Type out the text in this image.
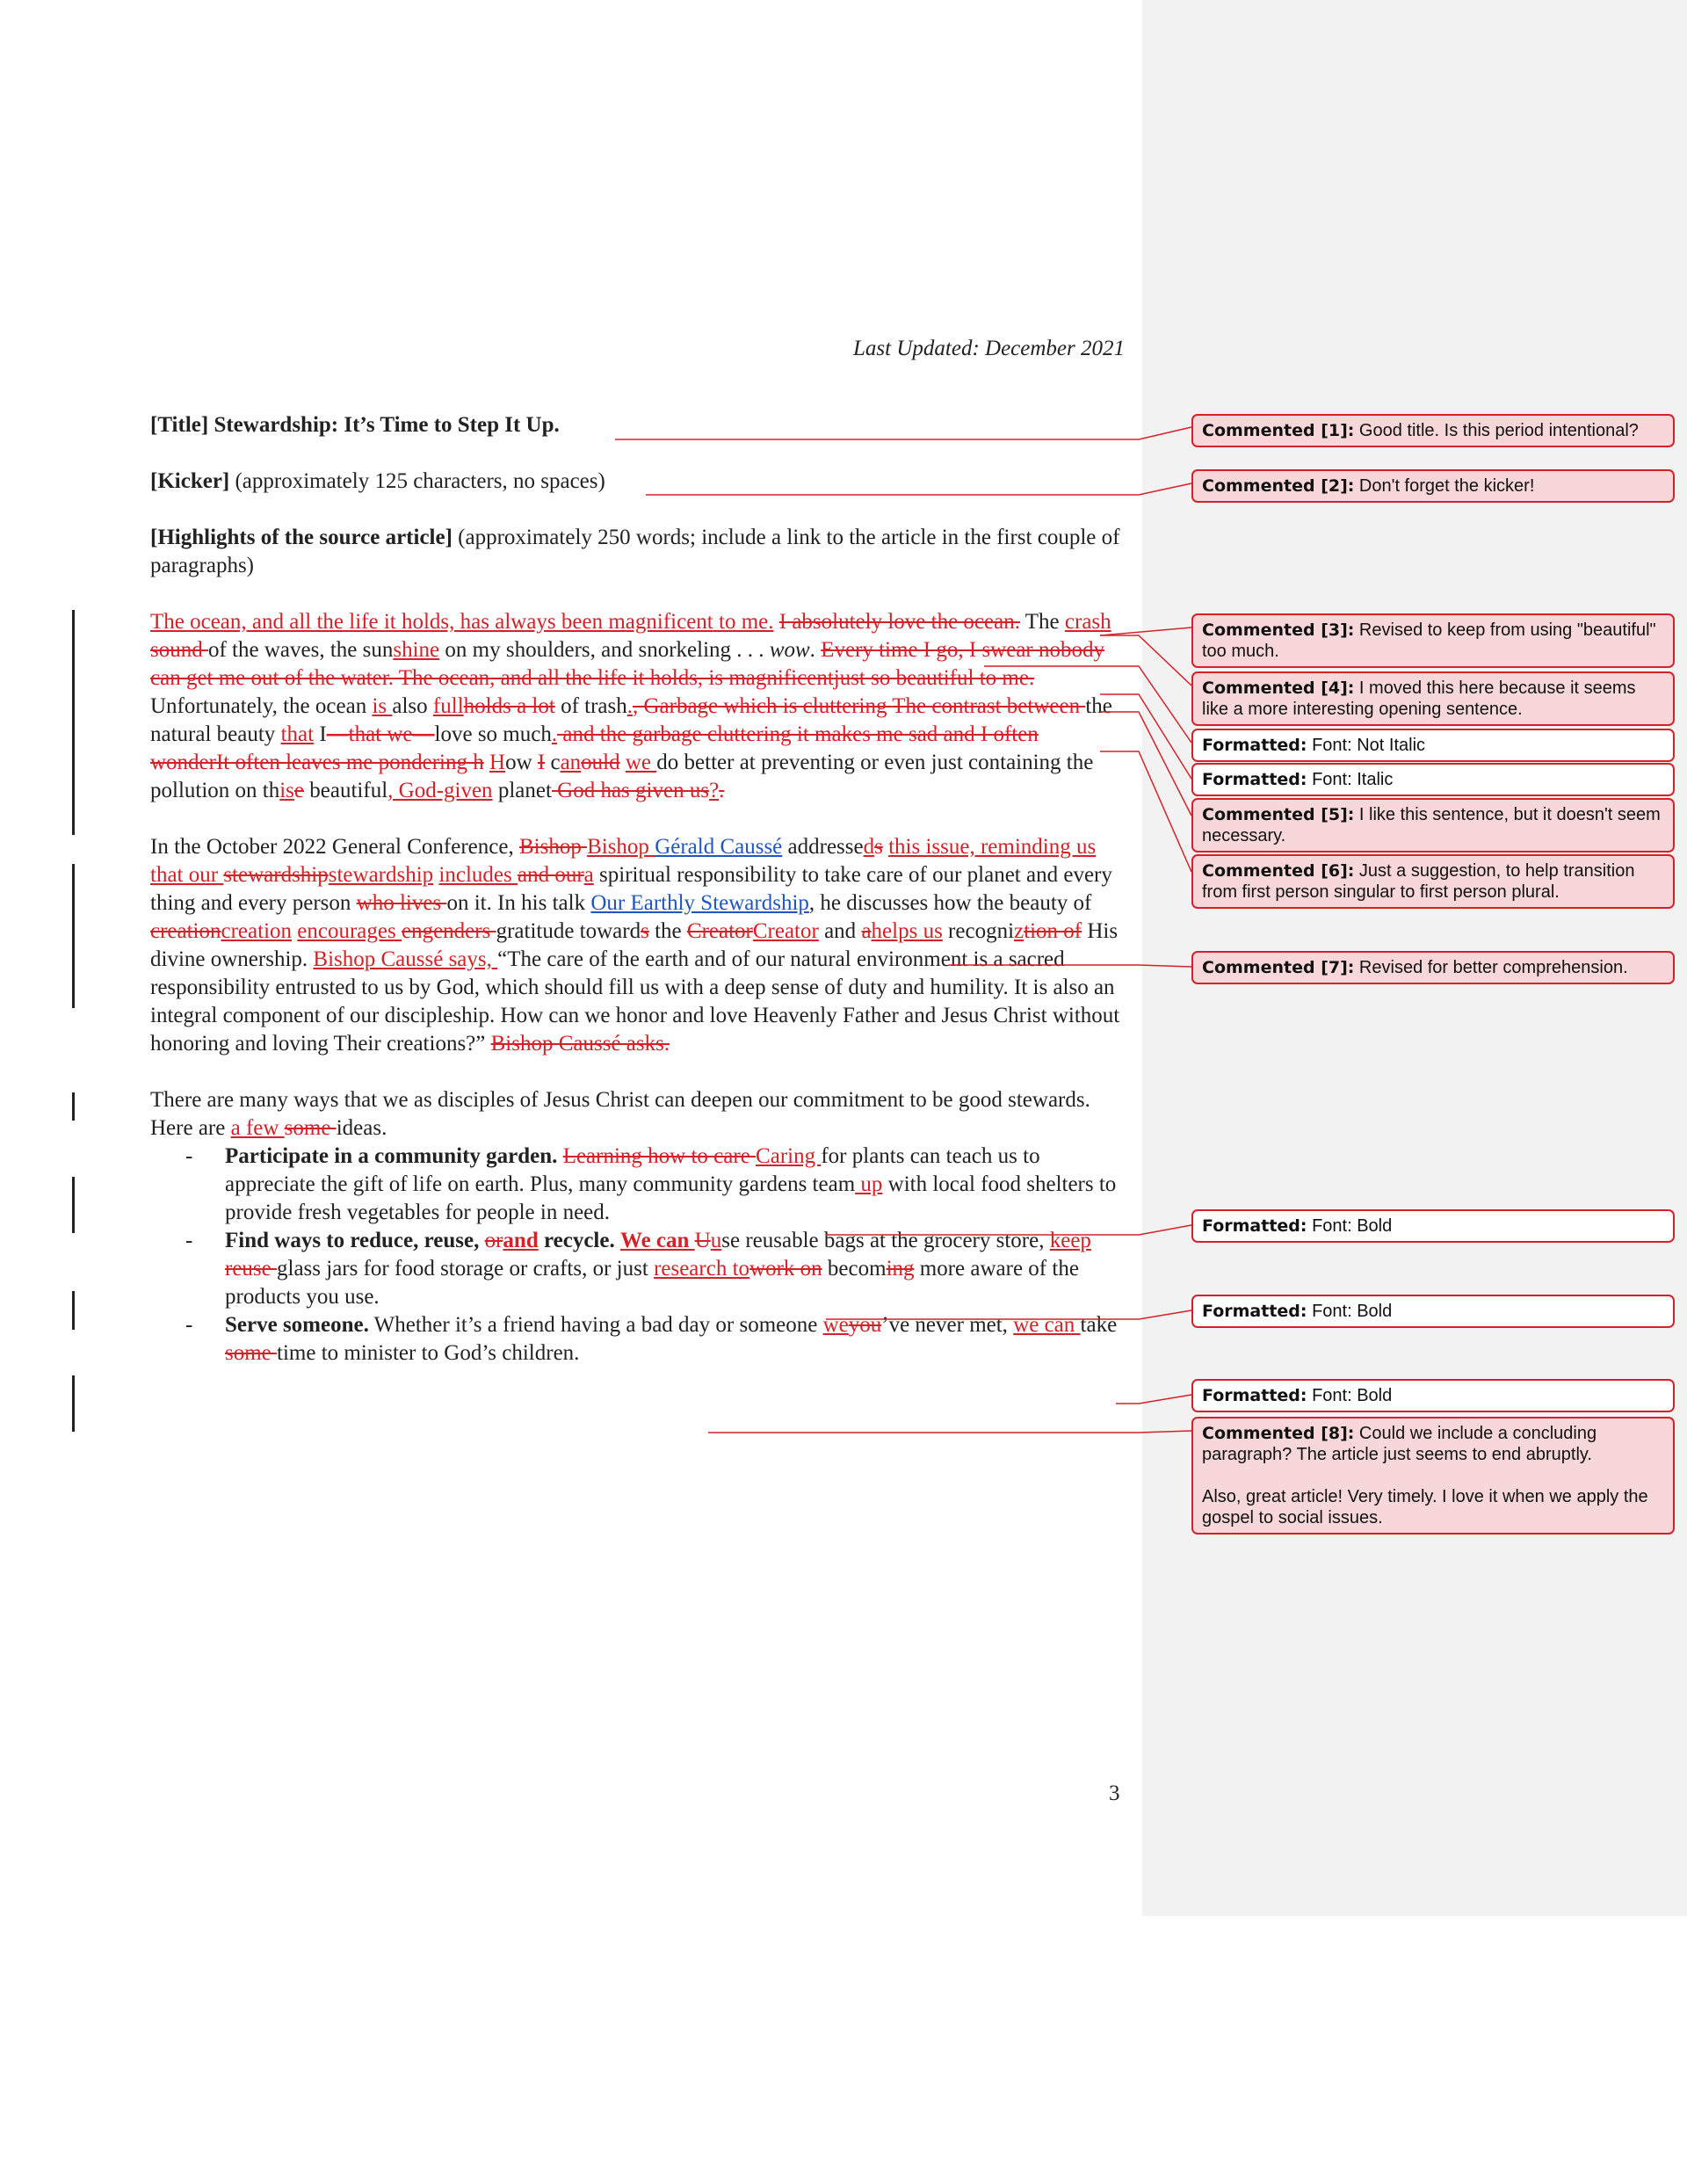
Last Updated: December 2021

[Title] Stewardship: It’s Time to Step It Up.

[Kicker] (approximately 125 characters, no spaces)

[Highlights of the source article] (approximately 250 words; include a link to the article in the first couple of paragraphs)

The ocean, and all the life it holds, has always been magnificent to me. I absolutely love the ocean. The crash sound of the waves, the sunshine on my shoulders, and snorkeling . . . wow. Every time I go, I swear nobody can get me out of the water. The ocean, and all the life it holds, is magnificentjust so beautiful to me. Unfortunately, the ocean is also fullholds a lot of trash., Garbage which is cluttering The contrast between the natural beauty that I—that we—love so much. and the garbage cluttering it makes me sad and I often wonderIt often leaves me pondering h How I canould we do better at preventing or even just containing the pollution on thise beautiful, God-given planet God has given us?.

In the October 2022 General Conference, Bishop Bishop Gérald Caussé addresseds this issue, reminding us that our stewardshipstewardship includes and oura spiritual responsibility to take care of our planet and every thing and every person who lives on it. In his talk Our Earthly Stewardship, he discusses how the beauty of creationcreation encourages engenders gratitude towards the CreatorCreator and ahelps us recogniztion of His divine ownership. Bishop Caussé says, “The care of the earth and of our natural environment is a sacred responsibility entrusted to us by God, which should fill us with a deep sense of duty and humility. It is also an integral component of our discipleship. How can we honor and love Heavenly Father and Jesus Christ without honoring and loving Their creations?” Bishop Caussé asks.

There are many ways that we as disciples of Jesus Christ can deepen our commitment to be good stewards. Here are a few some ideas.

-	Participate in a community garden. Learning how to care Caring for plants can teach us to appreciate the gift of life on earth. Plus, many community gardens team up with local food shelters to provide fresh vegetables for people in need.
-	Find ways to reduce, reuse, orand recycle. We can Uuse reusable bags at the grocery store, keep reuse glass jars for food storage or crafts, or just research towork on becoming more aware of the products you use.
-	Serve someone. Whether it’s a friend having a bad day or someone weyou’ve never met, we can take some time to minister to God’s children.
3
Commented [1]: Good title. Is this period intentional?
Commented [2]: Don't forget the kicker!
Commented [3]: Revised to keep from using "beautiful" too much.
Commented [4]: I moved this here because it seems like a more interesting opening sentence.
Formatted: Font: Not Italic
Formatted: Font: Italic
Commented [5]: I like this sentence, but it doesn't seem necessary.
Commented [6]: Just a suggestion, to help transition from first person singular to first person plural.
Commented [7]: Revised for better comprehension.
Formatted: Font: Bold
Formatted: Font: Bold
Formatted: Font: Bold
Commented [8]: Could we include a concluding paragraph? The article just seems to end abruptly.
Also, great article! Very timely. I love it when we apply the gospel to social issues.
